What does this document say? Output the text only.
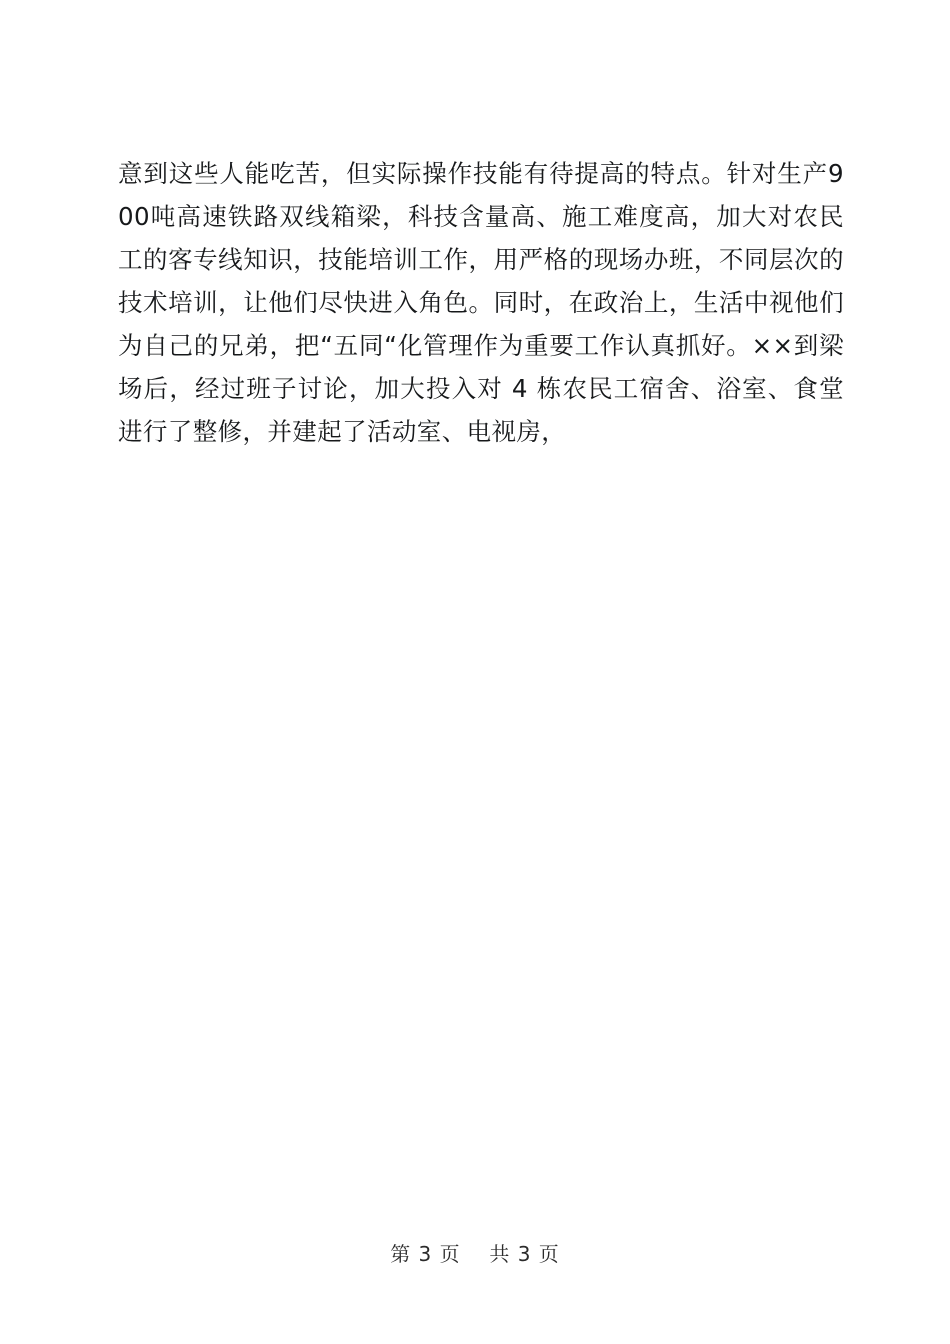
意到这些人能吃苦，但实际操作技能有待提高的特点。针对生产900吨高速铁路双线箱梁，科技含量高、施工难度高，加大对农民工的客专线知识，技能培训工作，用严格的现场办班，不同层次的技术培训，让他们尽快进入角色。同时，在政治上，生活中视他们为自己的兄弟，把“五同“化管理作为重要工作认真抓好。××到梁场后，经过班子讨论，加大投入对 4 栋农民工宿舍、浴室、食堂进行了整修，并建起了活动室、电视房，
第 3 页 共 3 页
